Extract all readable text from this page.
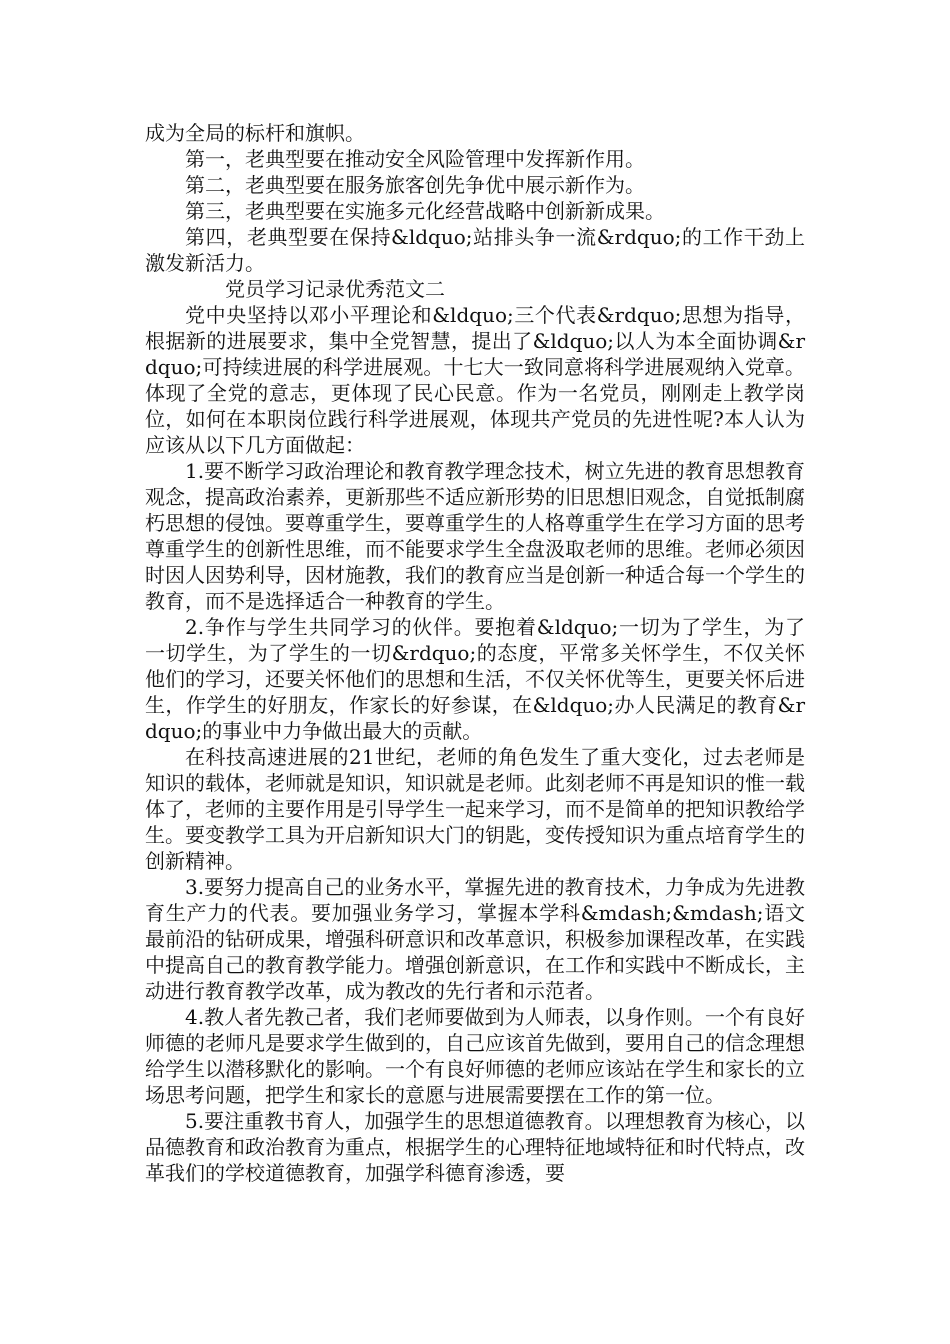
成为全局的标杆和旗帜。

第一，老典型要在推动安全风险管理中发挥新作用。

第二，老典型要在服务旅客创先争优中展示新作为。

第三，老典型要在实施多元化经营战略中创新新成果。

第四，老典型要在保持&ldquo;站排头争一流&rdquo;的工作干劲上激发新活力。

党员学习记录优秀范文二

党中央坚持以邓小平理论和&ldquo;三个代表&rdquo;思想为指导，根据新的进展要求，集中全党智慧，提出了&ldquo;以人为本全面协调&rdquo;可持续进展的科学进展观。十七大一致同意将科学进展观纳入党章。体现了全党的意志，更体现了民心民意。作为一名党员，刚刚走上教学岗位，如何在本职岗位践行科学进展观，体现共产党员的先进性呢?本人认为应该从以下几方面做起：

1.要不断学习政治理论和教育教学理念技术，树立先进的教育思想教育观念，提高政治素养，更新那些不适应新形势的旧思想旧观念，自觉抵制腐朽思想的侵蚀。要尊重学生，要尊重学生的人格尊重学生在学习方面的思考尊重学生的创新性思维，而不能要求学生全盘汲取老师的思维。老师必须因时因人因势利导，因材施教，我们的教育应当是创新一种适合每一个学生的教育，而不是选择适合一种教育的学生。

2.争作与学生共同学习的伙伴。要抱着&ldquo;一切为了学生，为了一切学生，为了学生的一切&rdquo;的态度，平常多关怀学生，不仅关怀他们的学习，还要关怀他们的思想和生活，不仅关怀优等生，更要关怀后进生，作学生的好朋友，作家长的好参谋，在&ldquo;办人民满足的教育&rdquo;的事业中力争做出最大的贡献。

在科技高速进展的21世纪，老师的角色发生了重大变化，过去老师是知识的载体，老师就是知识，知识就是老师。此刻老师不再是知识的惟一载体了，老师的主要作用是引导学生一起来学习，而不是简单的把知识教给学生。要变教学工具为开启新知识大门的钥匙，变传授知识为重点培育学生的创新精神。

3.要努力提高自己的业务水平，掌握先进的教育技术，力争成为先进教育生产力的代表。要加强业务学习，掌握本学科&mdash;&mdash;语文最前沿的钻研成果，增强科研意识和改革意识，积极参加课程改革，在实践中提高自己的教育教学能力。增强创新意识，在工作和实践中不断成长，主动进行教育教学改革，成为教改的先行者和示范者。

4.教人者先教己者，我们老师要做到为人师表，以身作则。一个有良好师德的老师凡是要求学生做到的，自己应该首先做到，要用自己的信念理想给学生以潜移默化的影响。一个有良好师德的老师应该站在学生和家长的立场思考问题，把学生和家长的意愿与进展需要摆在工作的第一位。

5.要注重教书育人，加强学生的思想道德教育。以理想教育为核心，以品德教育和政治教育为重点，根据学生的心理特征地域特征和时代特点，改革我们的学校道德教育，加强学科德育渗透，要
